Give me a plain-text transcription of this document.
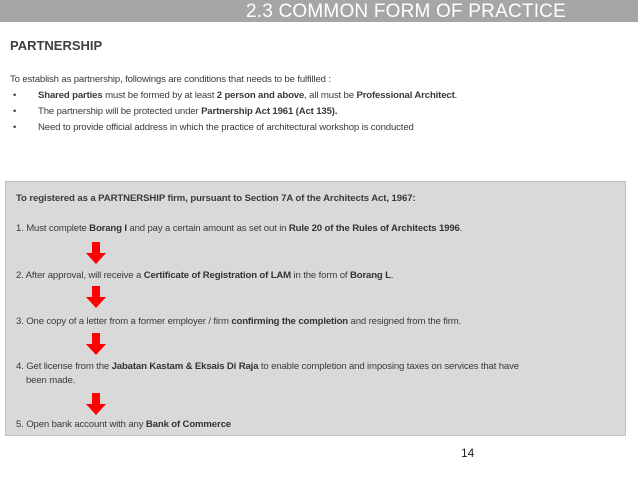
2.3 COMMON FORM OF PRACTICE
PARTNERSHIP
To establish as partnership, followings are conditions that needs to be fulfilled :
• Shared parties must be formed by at least 2 person and above, all must be Professional Architect.
• The partnership will be protected under Partnership Act 1961 (Act 135).
• Need to provide official address in which the practice of architectural workshop is conducted
To registered as a PARTNERSHIP firm, pursuant to Section 7A of the Architects Act, 1967:
1. Must complete Borang I and pay a certain amount as set out in Rule 20 of the Rules of Architects 1996.
2. After approval, will receive a Certificate of Registration of LAM in the form of Borang L.
3. One copy of a letter from a former employer / firm confirming the completion and resigned from the firm.
4. Get license from the Jabatan Kastam & Eksais Di Raja to enable completion and imposing taxes on services that have
been made.
5. Open bank account with any Bank of Commerce
14
